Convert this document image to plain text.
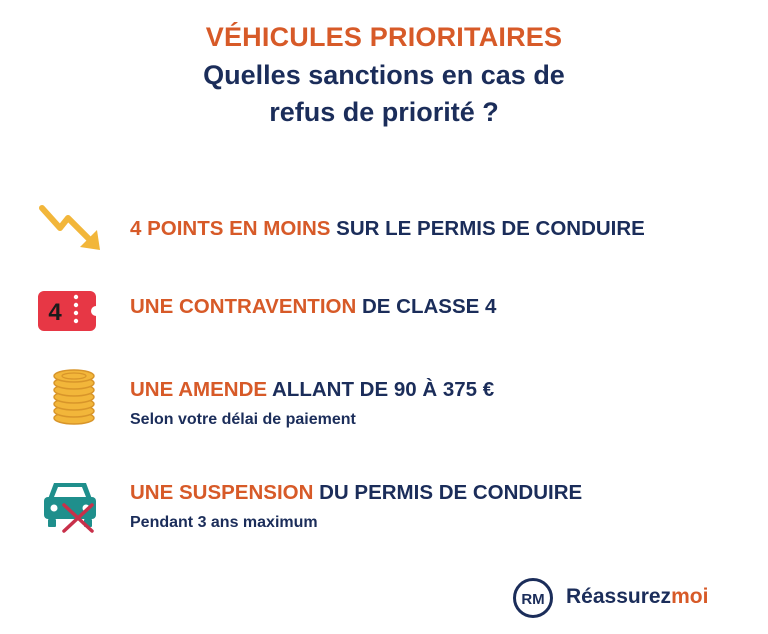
VÉHICULES PRIORITAIRES
Quelles sanctions en cas de
refus de priorité ?
4 POINTS EN MOINS SUR LE PERMIS DE CONDUIRE
4	UNE CONTRAVENTION DE CLASSE 4
UNE AMENDE ALLANT DE 90 À 375 €
Selon votre délai de paiement
UNE SUSPENSION DU PERMIS DE CONDUIRE
Pendant 3 ans maximum
RM Réassurezmoi
